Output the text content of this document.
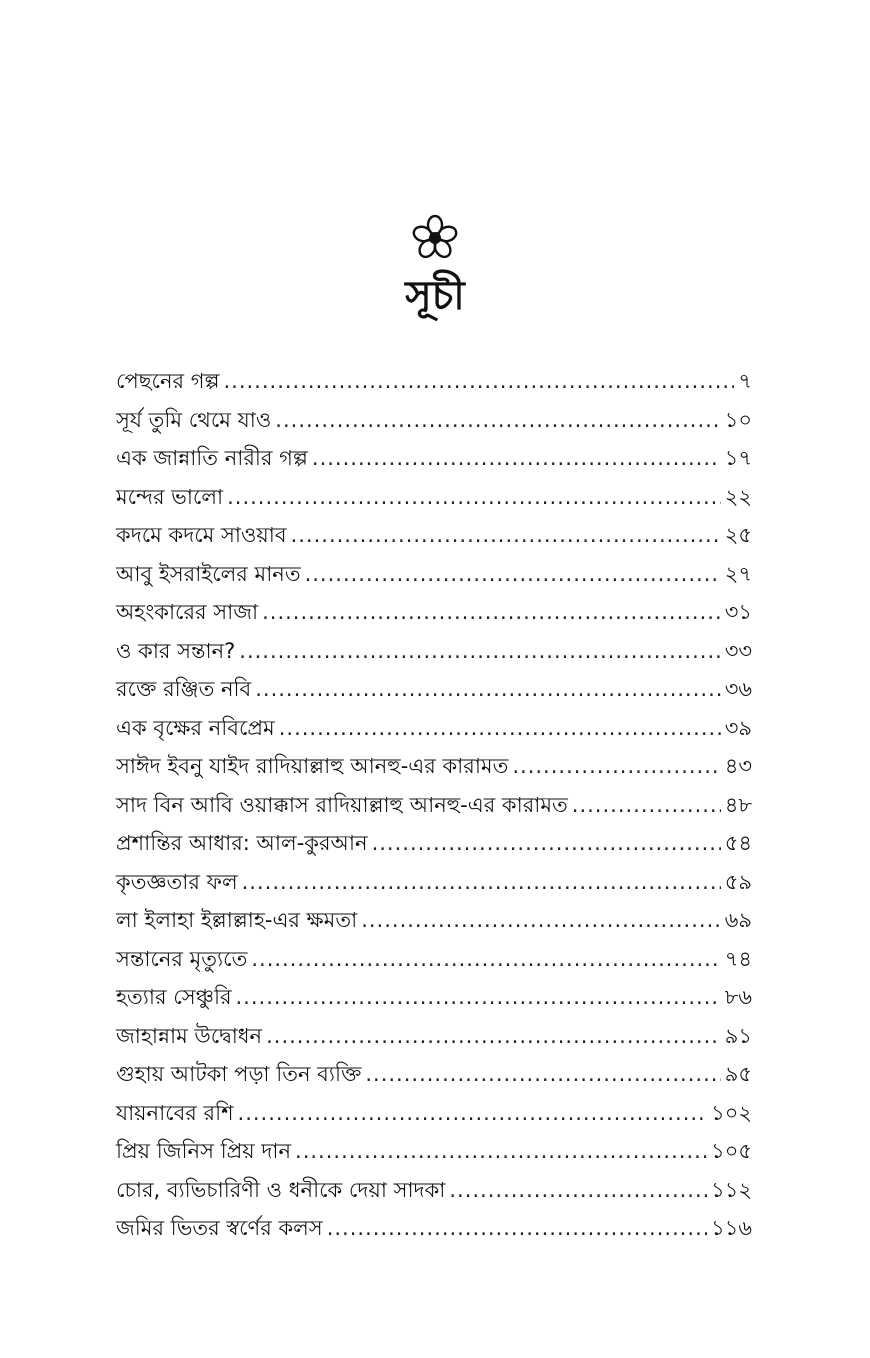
সূচী
পেছনের গল্প .....	৭
সূর্য তুমি থেমে যাও .....	১০
এক জান্নাতি নারীর গল্প .....	১৭
মন্দের ভালো .....	২২
কদমে কদমে সাওয়াব .....	২৫
আবু ইসরাইলের মানত .....	২৭
অহংকারের সাজা .....	৩১
ও কার সন্তান? .....	৩৩
রক্তে রঞ্জিত নবি .....	৩৬
এক বৃক্ষের নবিপ্রেম .....	৩৯
সাঈদ ইবনু যাইদ রাদিয়াল্লাহু আনহু-এর কারামত .....	৪৩
সাদ বিন আবি ওয়াক্কাস রাদিয়াল্লাহু আনহু-এর কারামত .....	৪৮
প্রশান্তির আধার: আল-কুরআন .....	৫৪
কৃতজ্ঞতার ফল .....	৫৯
লা ইলাহা ইল্লাল্লাহ-এর ক্ষমতা .....	৬৯
সন্তানের মৃত্যুতে .....	৭৪
হত্যার সেঞ্চুরি .....	৮৬
জাহান্নাম উদ্বোধন .....	৯১
গুহায় আটকা পড়া তিন ব্যক্তি .....	৯৫
যায়নাবের রশি .....	১০২
প্রিয় জিনিস প্রিয় দান .....	১০৫
চোর, ব্যভিচারিণী ও ধনীকে দেয়া সাদকা .....	১১২
জমির ভিতর স্বর্ণের কলস .....	১১৬
